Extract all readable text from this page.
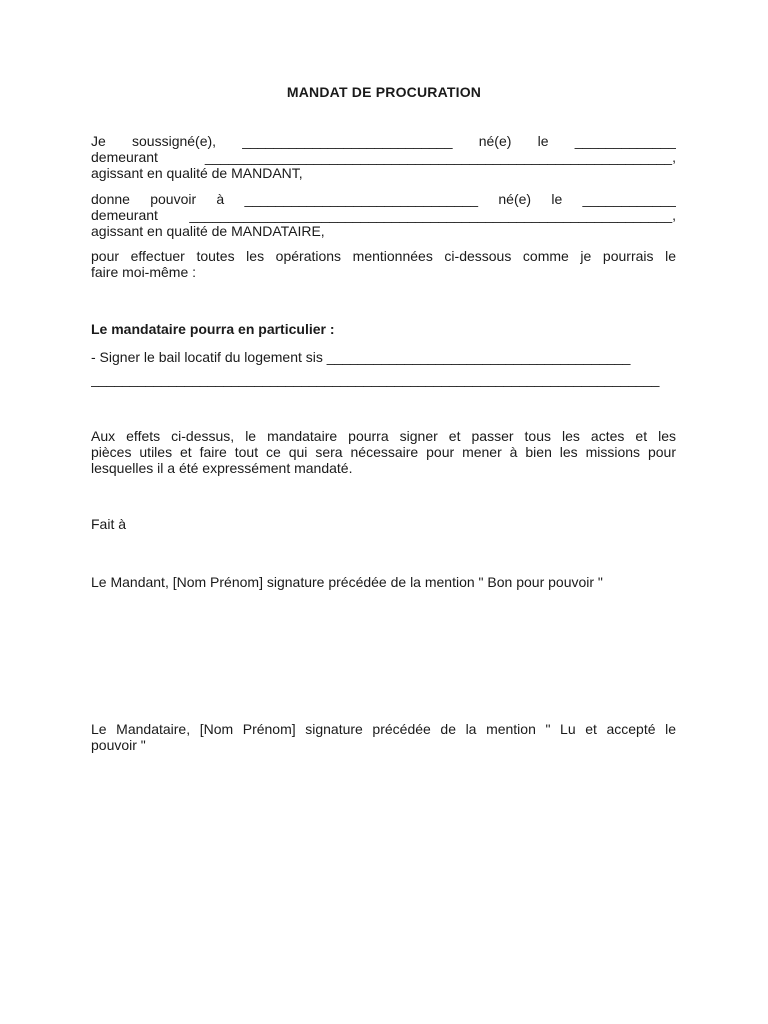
MANDAT DE PROCURATION
Je soussigné(e), ___________________________ né(e) le _____________
demeurant ____________________________________________________________,
agissant en qualité de MANDANT,
donne pouvoir à ______________________________ né(e) le ____________
demeurant ______________________________________________________________,
agissant en qualité de MANDATAIRE,
pour effectuer toutes les opérations mentionnées ci-dessous comme je pourrais le
faire moi-même :
Le mandataire pourra en particulier :
- Signer le bail locatif du logement sis _______________________________________
_________________________________________________________________________
Aux effets ci-dessus, le mandataire pourra signer et passer tous les actes et les
pièces utiles et faire tout ce qui sera nécessaire pour mener à bien les missions pour
lesquelles il a été expressément mandaté.
Fait à
Le Mandant, [Nom Prénom] signature précédée de la mention " Bon pour pouvoir "
Le Mandataire, [Nom Prénom] signature précédée de la mention " Lu et accepté le
pouvoir "
